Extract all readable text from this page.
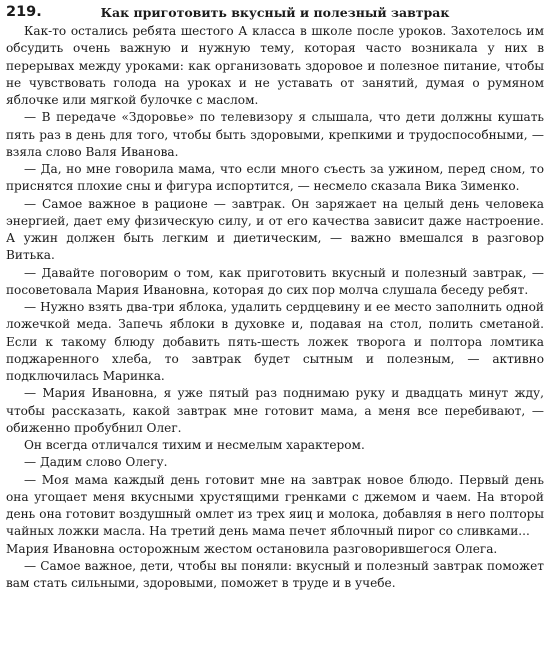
219.	Как приготовить вкусный и полезный завтрак

Как-то остались ребята шестого А класса в школе после уроков. Захотелось им обсудить очень важную и нужную тему, которая часто возникала у них в перерывах между уроками: как организовать здоровое и полезное питание, чтобы не чувствовать голода на уроках и не уставать от занятий, думая о румяном яблочке или мягкой булочке с маслом.

— В передаче «Здоровье» по телевизору я слышала, что дети должны кушать пять раз в день для того, чтобы быть здоровыми, крепкими и трудоспособными, — взяла слово Валя Иванова.

— Да, но мне говорила мама, что если много съесть за ужином, перед сном, то приснятся плохие сны и фигура испортится, — несмело сказала Вика Зименко.

— Самое важное в рационе — завтрак. Он заряжает на целый день человека энергией, дает ему физическую силу, и от его качества зависит даже настроение. А ужин должен быть легким и диетическим, — важно вмешался в разговор Витька.

— Давайте поговорим о том, как приготовить вкусный и полезный завтрак, — посоветовала Мария Ивановна, которая до сих пор молча слушала беседу ребят.

— Нужно взять два-три яблока, удалить сердцевину и ее место заполнить одной ложечкой меда. Запечь яблоки в духовке и, подавая на стол, полить сметаной. Если к такому блюду добавить пять-шесть ложек творога и полтора ломтика поджаренного хлеба, то завтрак будет сытным и полезным, — активно подключилась Маринка.

— Мария Ивановна, я уже пятый раз поднимаю руку и двадцать минут жду, чтобы рассказать, какой завтрак мне готовит мама, а меня все перебивают, — обиженно пробубнил Олег.

Он всегда отличался тихим и несмелым характером.

— Дадим слово Олегу.

— Моя мама каждый день готовит мне на завтрак новое блюдо. Первый день она угощает меня вкусными хрустящими гренками с джемом и чаем. На второй день она готовит воздушный омлет из трех яиц и молока, добавляя в него полторы чайных ложки масла. На третий день мама печет яблочный пирог со сливками...

Мария Ивановна осторожным жестом остановила разговорившегося Олега.

— Самое важное, дети, чтобы вы поняли: вкусный и полезный завтрак поможет вам стать сильными, здоровыми, поможет в труде и в учебе.
